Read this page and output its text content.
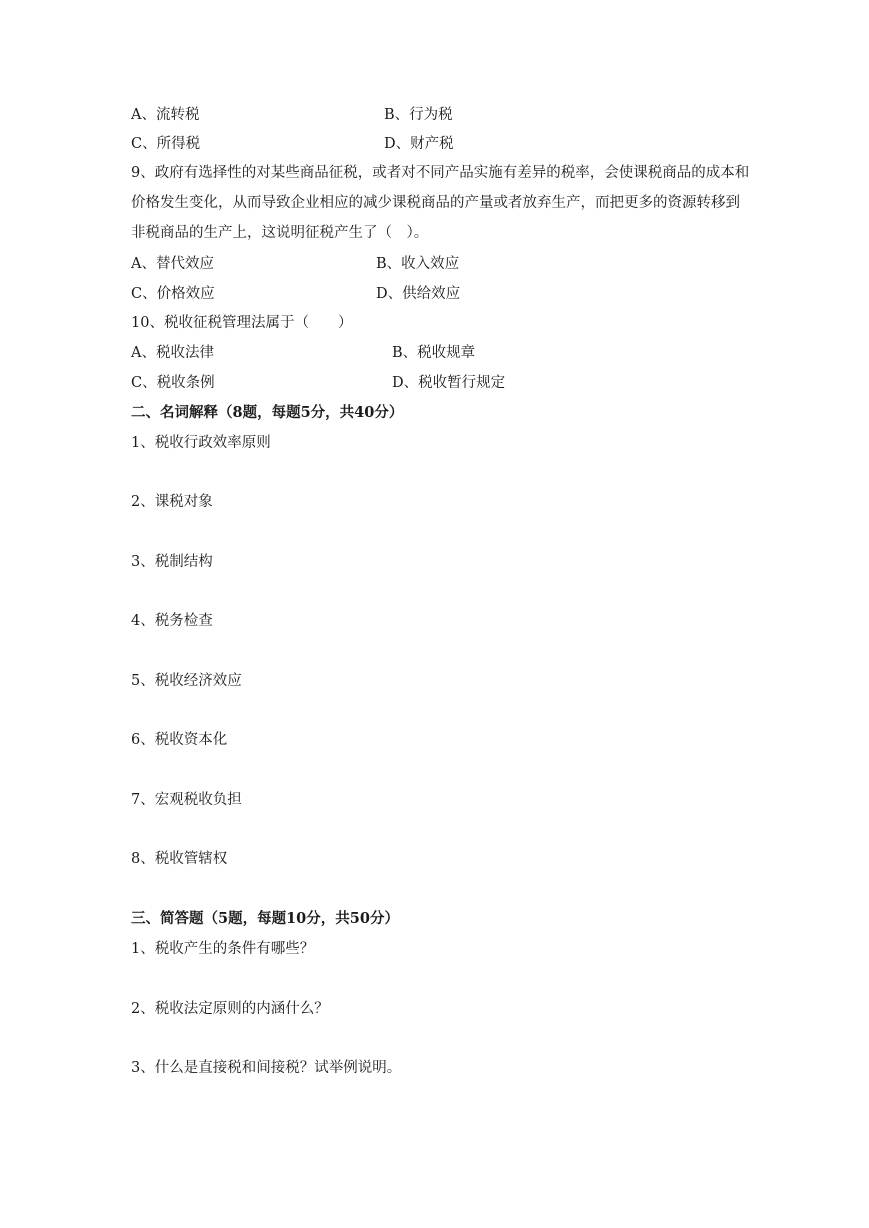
A、流转税	B、行为税
C、所得税	D、财产税
9、政府有选择性的对某些商品征税，或者对不同产品实施有差异的税率，会使课税商品的成本和价格发生变化，从而导致企业相应的减少课税商品的产量或者放弃生产，而把更多的资源转移到非税商品的生产上，这说明征税产生了（　）。
A、替代效应	B、收入效应
C、价格效应	D、供给效应
10、税收征税管理法属于（　　）
A、税收法律	B、税收规章
C、税收条例	D、税收暂行规定
二、名词解释（8题，每题5分，共40分）
1、税收行政效率原则
2、课税对象
3、税制结构
4、税务检查
5、税收经济效应
6、税收资本化
7、宏观税收负担
8、税收管辖权
三、简答题（5题，每题10分，共50分）
1、税收产生的条件有哪些？
2、税收法定原则的内涵什么？
3、什么是直接税和间接税？试举例说明。
